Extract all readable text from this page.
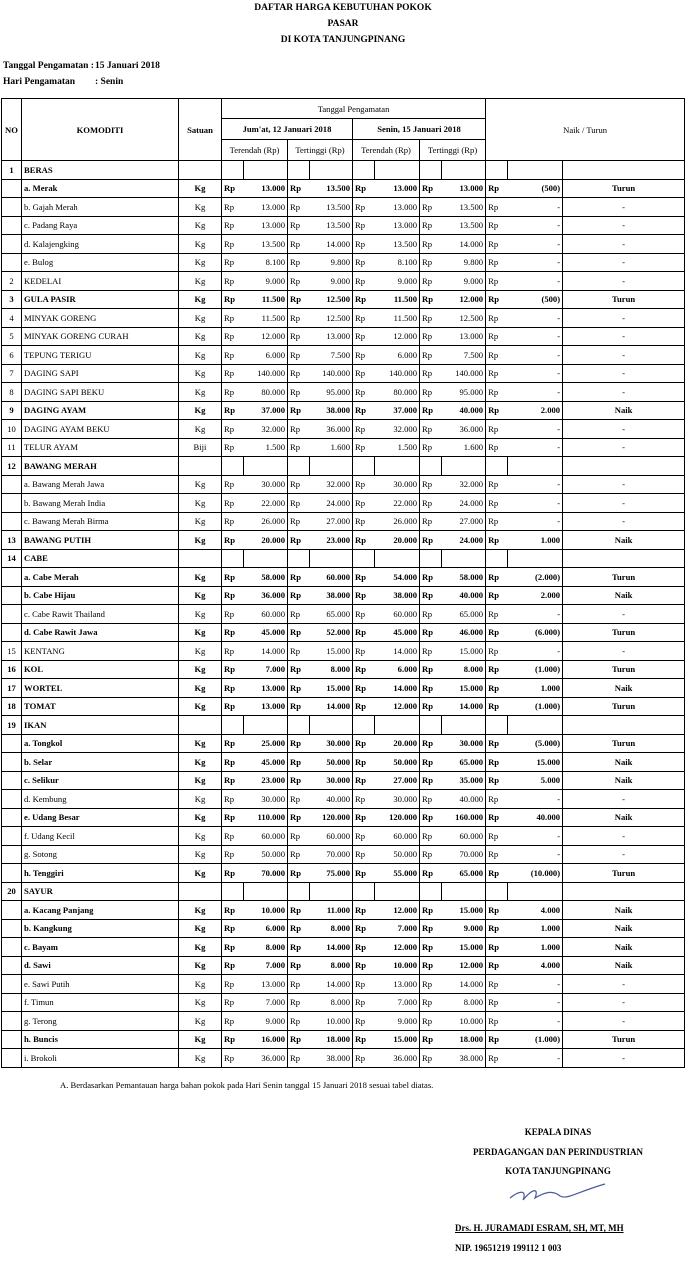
DAFTAR HARGA KEBUTUHAN POKOK
PASAR
DI KOTA TANJUNGPINANG
Tanggal Pengamatan : 15 Januari 2018
Hari Pengamatan : Senin
NO	KOMODITI	Satuan	Tanggal Pengamatan								Naik / Turun		
			Jum'at, 12 Januari 2018				Senin, 15 Januari 2018						
			Terendah (Rp)		Tertinggi (Rp)		Terendah (Rp)		Tertinggi (Rp)				
1	BERAS												
	a. Merak	Kg	Rp	13.000	Rp	13.500	Rp	13.000	Rp	13.000	Rp	(500)	Turun
	b. Gajah Merah	Kg	Rp	13.000	Rp	13.500	Rp	13.000	Rp	13.500	Rp	-	-
	c. Padang Raya	Kg	Rp	13.000	Rp	13.500	Rp	13.000	Rp	13.500	Rp	-	-
	d. Kalajengking	Kg	Rp	13.500	Rp	14.000	Rp	13.500	Rp	14.000	Rp	-	-
	e. Bulog	Kg	Rp	8.100	Rp	9.800	Rp	8.100	Rp	9.800	Rp	-	-
2	KEDELAI	Kg	Rp	9.000	Rp	9.000	Rp	9.000	Rp	9.000	Rp	-	-
3	GULA PASIR	Kg	Rp	11.500	Rp	12.500	Rp	11.500	Rp	12.000	Rp	(500)	Turun
4	MINYAK GORENG	Kg	Rp	11.500	Rp	12.500	Rp	11.500	Rp	12.500	Rp	-	-
5	MINYAK GORENG CURAH	Kg	Rp	12.000	Rp	13.000	Rp	12.000	Rp	13.000	Rp	-	-
6	TEPUNG TERIGU	Kg	Rp	6.000	Rp	7.500	Rp	6.000	Rp	7.500	Rp	-	-
7	DAGING SAPI	Kg	Rp	140.000	Rp	140.000	Rp	140.000	Rp	140.000	Rp	-	-
8	DAGING SAPI BEKU	Kg	Rp	80.000	Rp	95.000	Rp	80.000	Rp	95.000	Rp	-	-
9	DAGING AYAM	Kg	Rp	37.000	Rp	38.000	Rp	37.000	Rp	40.000	Rp	2.000	Naik
10	DAGING AYAM BEKU	Kg	Rp	32.000	Rp	36.000	Rp	32.000	Rp	36.000	Rp	-	-
11	TELUR AYAM	Biji	Rp	1.500	Rp	1.600	Rp	1.500	Rp	1.600	Rp	-	-
12	BAWANG MERAH												
	a. Bawang Merah Jawa	Kg	Rp	30.000	Rp	32.000	Rp	30.000	Rp	32.000	Rp	-	-
	b. Bawang Merah India	Kg	Rp	22.000	Rp	24.000	Rp	22.000	Rp	24.000	Rp	-	-
	c. Bawang Merah Birma	Kg	Rp	26.000	Rp	27.000	Rp	26.000	Rp	27.000	Rp	-	-
13	BAWANG PUTIH	Kg	Rp	20.000	Rp	23.000	Rp	20.000	Rp	24.000	Rp	1.000	Naik
14	CABE												
	a. Cabe Merah	Kg	Rp	58.000	Rp	60.000	Rp	54.000	Rp	58.000	Rp	(2.000)	Turun
	b. Cabe Hijau	Kg	Rp	36.000	Rp	38.000	Rp	38.000	Rp	40.000	Rp	2.000	Naik
	c. Cabe Rawit Thailand	Kg	Rp	60.000	Rp	65.000	Rp	60.000	Rp	65.000	Rp	-	-
	d. Cabe Rawit Jawa	Kg	Rp	45.000	Rp	52.000	Rp	45.000	Rp	46.000	Rp	(6.000)	Turun
15	KENTANG	Kg	Rp	14.000	Rp	15.000	Rp	14.000	Rp	15.000	Rp	-	-
16	KOL	Kg	Rp	7.000	Rp	8.000	Rp	6.000	Rp	8.000	Rp	(1.000)	Turun
17	WORTEL	Kg	Rp	13.000	Rp	15.000	Rp	14.000	Rp	15.000	Rp	1.000	Naik
18	TOMAT	Kg	Rp	13.000	Rp	14.000	Rp	12.000	Rp	14.000	Rp	(1.000)	Turun
19	IKAN												
	a. Tongkol	Kg	Rp	25.000	Rp	30.000	Rp	20.000	Rp	30.000	Rp	(5.000)	Turun
	b. Selar	Kg	Rp	45.000	Rp	50.000	Rp	50.000	Rp	65.000	Rp	15.000	Naik
	c. Selikur	Kg	Rp	23.000	Rp	30.000	Rp	27.000	Rp	35.000	Rp	5.000	Naik
	d. Kembung	Kg	Rp	30.000	Rp	40.000	Rp	30.000	Rp	40.000	Rp	-	-
	e. Udang Besar	Kg	Rp	110.000	Rp	120.000	Rp	120.000	Rp	160.000	Rp	40.000	Naik
	f. Udang Kecil	Kg	Rp	60.000	Rp	60.000	Rp	60.000	Rp	60.000	Rp	-	-
	g. Sotong	Kg	Rp	50.000	Rp	70.000	Rp	50.000	Rp	70.000	Rp	-	-
	h. Tenggiri	Kg	Rp	70.000	Rp	75.000	Rp	55.000	Rp	65.000	Rp	(10.000)	Turun
20	SAYUR												
	a. Kacang Panjang	Kg	Rp	10.000	Rp	11.000	Rp	12.000	Rp	15.000	Rp	4.000	Naik
	b. Kangkung	Kg	Rp	6.000	Rp	8.000	Rp	7.000	Rp	9.000	Rp	1.000	Naik
	c. Bayam	Kg	Rp	8.000	Rp	14.000	Rp	12.000	Rp	15.000	Rp	1.000	Naik
	d. Sawi	Kg	Rp	7.000	Rp	8.000	Rp	10.000	Rp	12.000	Rp	4.000	Naik
	e. Sawi Putih	Kg	Rp	13.000	Rp	14.000	Rp	13.000	Rp	14.000	Rp	-	-
	f. Timun	Kg	Rp	7.000	Rp	8.000	Rp	7.000	Rp	8.000	Rp	-	-
	g. Terong	Kg	Rp	9.000	Rp	10.000	Rp	9.000	Rp	10.000	Rp	-	-
	h. Buncis	Kg	Rp	16.000	Rp	18.000	Rp	15.000	Rp	18.000	Rp	(1.000)	Turun
	i. Brokoli	Kg	Rp	36.000	Rp	38.000	Rp	36.000	Rp	38.000	Rp	-	-
A. Berdasarkan Pemantauan harga bahan pokok pada Hari Senin tanggal 15 Januari 2018 sesuai tabel diatas.
KEPALA DINAS
PERDAGANGAN DAN PERINDUSTRIAN
KOTA TANJUNGPINANG
Drs. H. JURAMADI ESRAM, SH, MT, MH
NIP. 19651219 199112 1 003
